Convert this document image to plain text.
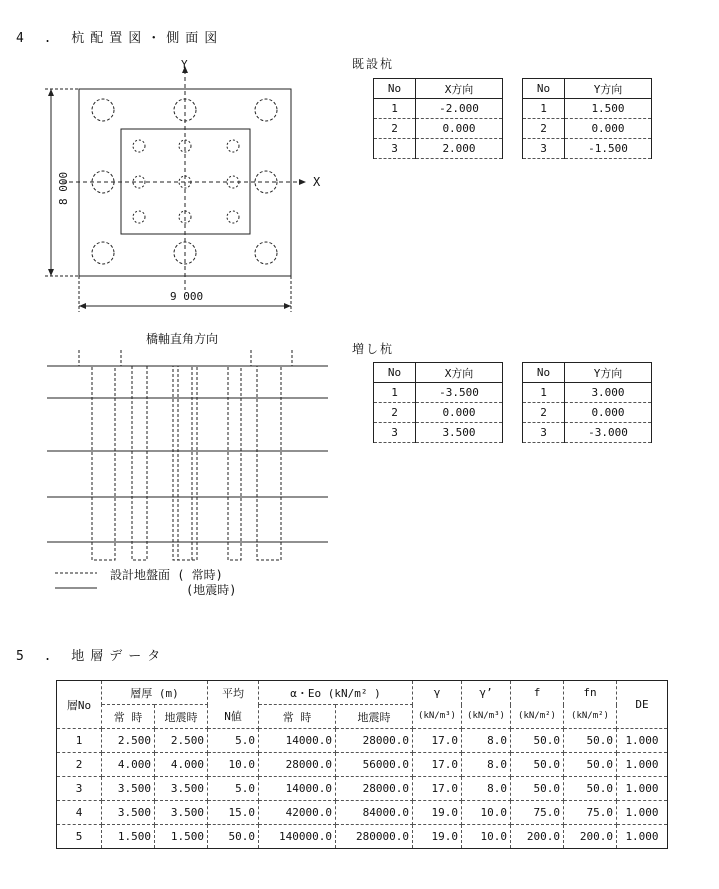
4 . 杭配置図・側面図
Y
X
8 000
9 000
橋軸直角方向
設計地盤面 ( 常時)
(地震時)
既設杭
No	X方向
1	-2.000
2	0.000
3	2.000
No	Y方向
1	1.500
2	0.000
3	-1.500
増し杭
No	X方向
1	-3.500
2	0.000
3	3.500
No	Y方向
1	3.000
2	0.000
3	-3.000
5 . 地層データ
層No	層厚 (m)		平均	α・Eo (kN/m² )		γ	γ’	f	fn	DE
	常 時	地震時	N値	常 時	地震時	(kN/m³)	(kN/m³)	(kN/m²)	(kN/m²)	
1	2.500	2.500	5.0	14000.0	28000.0	17.0	8.0	50.0	50.0	1.000
2	4.000	4.000	10.0	28000.0	56000.0	17.0	8.0	50.0	50.0	1.000
3	3.500	3.500	5.0	14000.0	28000.0	17.0	8.0	50.0	50.0	1.000
4	3.500	3.500	15.0	42000.0	84000.0	19.0	10.0	75.0	75.0	1.000
5	1.500	1.500	50.0	140000.0	280000.0	19.0	10.0	200.0	200.0	1.000
